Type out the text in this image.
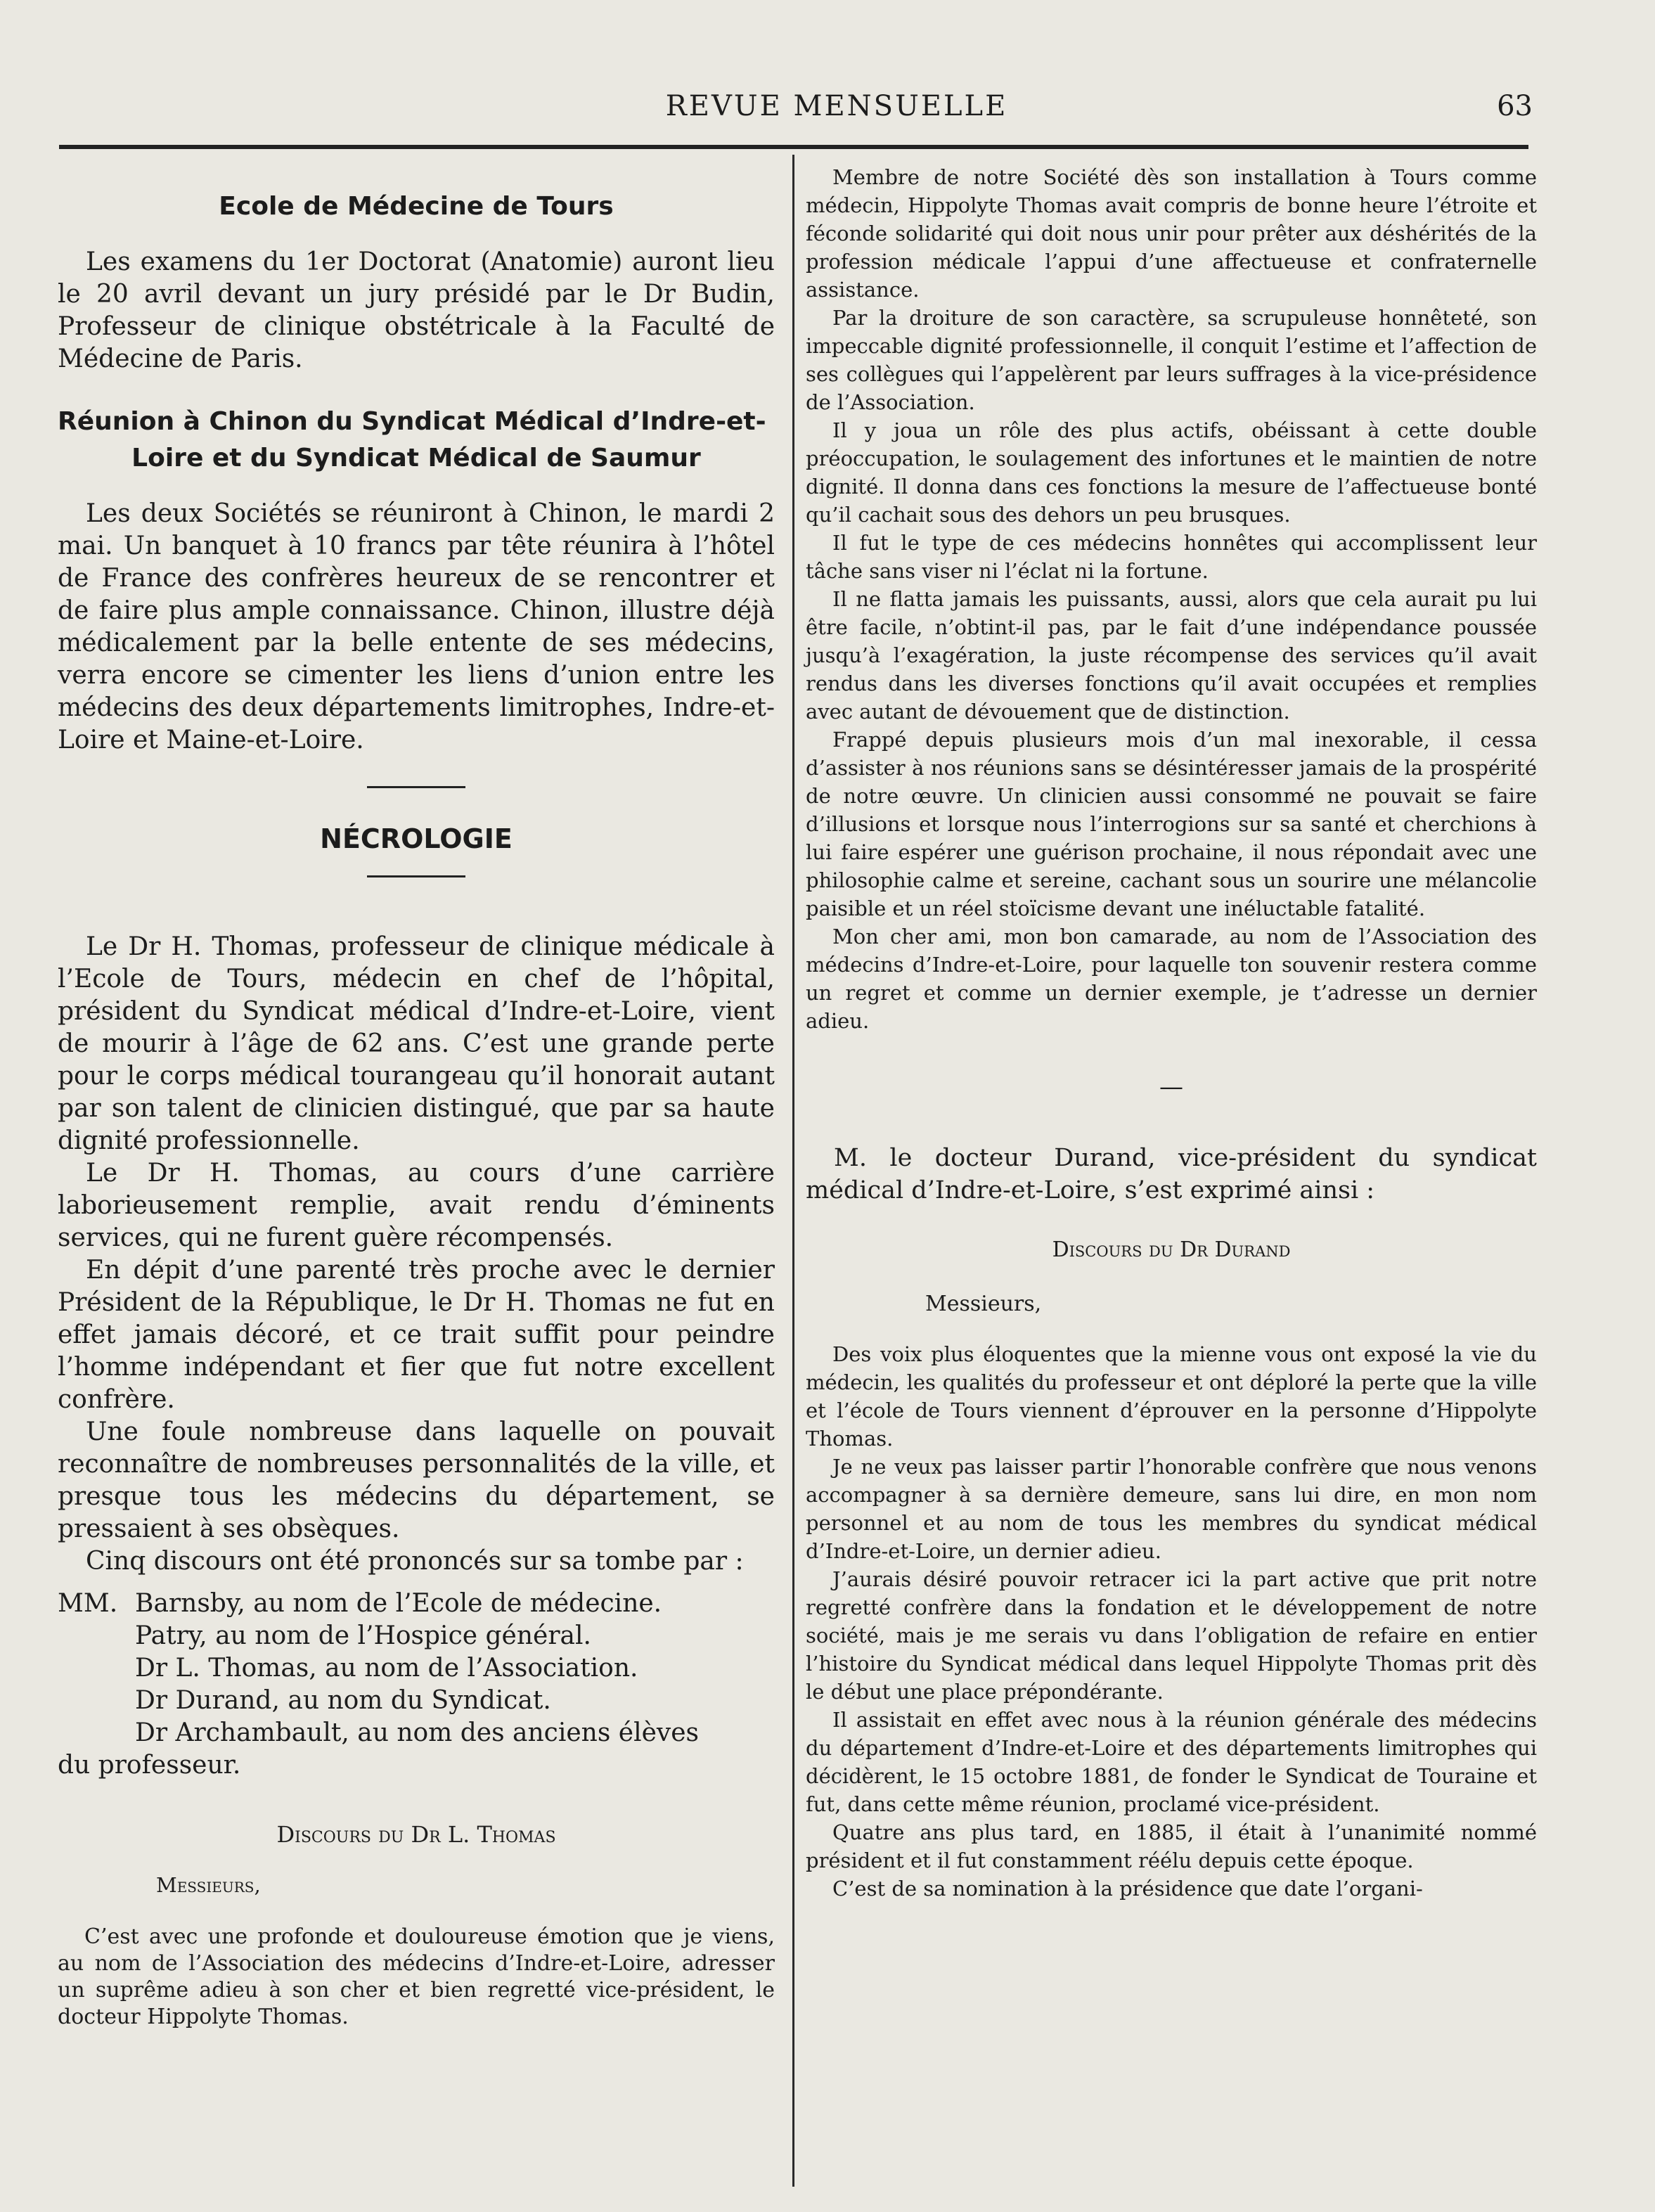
REVUE MENSUELLE	63

Ecole de Médecine de Tours

Les examens du 1er Doctorat (Anatomie) auront lieu le 20 avril devant un jury présidé par le Dr Budin, Professeur de clinique obstétricale à la Faculté de Médecine de Paris.

Réunion à Chinon du Syndicat Médical d’Indre-et-

Loire et du Syndicat Médical de Saumur

Les deux Sociétés se réuniront à Chinon, le mardi 2 mai. Un banquet à 10 francs par tête réunira à l’hôtel de France des confrères heureux de se rencontrer et de faire plus ample connaissance. Chinon, illustre déjà médicalement par la belle entente de ses médecins, verra encore se cimenter les liens d’union entre les médecins des deux départements limitrophes, Indre-et-Loire et Maine-et-Loire.

NÉCROLOGIE

Le Dr H. Thomas, professeur de clinique médicale à l’Ecole de Tours, médecin en chef de l’hôpital, président du Syndicat médical d’Indre-et-Loire, vient de mourir à l’âge de 62 ans. C’est une grande perte pour le corps médical tourangeau qu’il honorait autant par son talent de clinicien distingué, que par sa haute dignité professionnelle.

Le Dr H. Thomas, au cours d’une carrière laborieusement remplie, avait rendu d’éminents services, qui ne furent guère récompensés.

En dépit d’une parenté très proche avec le dernier Président de la République, le Dr H. Thomas ne fut en effet jamais décoré, et ce trait suffit pour peindre l’homme indépendant et fier que fut notre excellent confrère.

Une foule nombreuse dans laquelle on pouvait reconnaître de nombreuses personnalités de la ville, et presque tous les médecins du département, se pressaient à ses obsèques.

Cinq discours ont été prononcés sur sa tombe par :

MM. Barnsby, au nom de l’Ecole de médecine.
Patry, au nom de l’Hospice général.
Dr L. Thomas, au nom de l’Association.
Dr Durand, au nom du Syndicat.
Dr Archambault, au nom des anciens élèves
du professeur.

Discours du Dr L. Thomas

Messieurs,

C’est avec une profonde et douloureuse émotion que je viens, au nom de l’Association des médecins d’Indre-et-Loire, adresser un suprême adieu à son cher et bien regretté vice-président, le docteur Hippolyte Thomas.

Membre de notre Société dès son installation à Tours comme médecin, Hippolyte Thomas avait compris de bonne heure l’étroite et féconde solidarité qui doit nous unir pour prêter aux déshérités de la profession médicale l’appui d’une affectueuse et confraternelle assistance.

Par la droiture de son caractère, sa scrupuleuse honnêteté, son impeccable dignité professionnelle, il conquit l’estime et l’affection de ses collègues qui l’appelèrent par leurs suffrages à la vice-présidence de l’Association.

Il y joua un rôle des plus actifs, obéissant à cette double préoccupation, le soulagement des infortunes et le maintien de notre dignité. Il donna dans ces fonctions la mesure de l’affectueuse bonté qu’il cachait sous des dehors un peu brusques.

Il fut le type de ces médecins honnêtes qui accomplissent leur tâche sans viser ni l’éclat ni la fortune.

Il ne flatta jamais les puissants, aussi, alors que cela aurait pu lui être facile, n’obtint-il pas, par le fait d’une indépendance poussée jusqu’à l’exagération, la juste récompense des services qu’il avait rendus dans les diverses fonctions qu’il avait occupées et remplies avec autant de dévouement que de distinction.

Frappé depuis plusieurs mois d’un mal inexorable, il cessa d’assister à nos réunions sans se désintéresser jamais de la prospérité de notre œuvre. Un clinicien aussi consommé ne pouvait se faire d’illusions et lorsque nous l’interrogions sur sa santé et cherchions à lui faire espérer une guérison prochaine, il nous répondait avec une philosophie calme et sereine, cachant sous un sourire une mélancolie paisible et un réel stoïcisme devant une inéluctable fatalité.

Mon cher ami, mon bon camarade, au nom de l’Association des médecins d’Indre-et-Loire, pour laquelle ton souvenir restera comme un regret et comme un dernier exemple, je t’adresse un dernier adieu.

—

M. le docteur Durand, vice-président du syndicat médical d’Indre-et-Loire, s’est exprimé ainsi :

Discours du Dr Durand

Messieurs,

Des voix plus éloquentes que la mienne vous ont exposé la vie du médecin, les qualités du professeur et ont déploré la perte que la ville et l’école de Tours viennent d’éprouver en la personne d’Hippolyte Thomas.

Je ne veux pas laisser partir l’honorable confrère que nous venons accompagner à sa dernière demeure, sans lui dire, en mon nom personnel et au nom de tous les membres du syndicat médical d’Indre-et-Loire, un dernier adieu.

J’aurais désiré pouvoir retracer ici la part active que prit notre regretté confrère dans la fondation et le développement de notre société, mais je me serais vu dans l’obligation de refaire en entier l’histoire du Syndicat médical dans lequel Hippolyte Thomas prit dès le début une place prépondérante.

Il assistait en effet avec nous à la réunion générale des médecins du département d’Indre-et-Loire et des départements limitrophes qui décidèrent, le 15 octobre 1881, de fonder le Syndicat de Touraine et fut, dans cette même réunion, proclamé vice-président.

Quatre ans plus tard, en 1885, il était à l’unanimité nommé président et il fut constamment réélu depuis cette époque.

C’est de sa nomination à la présidence que date l’organi-
